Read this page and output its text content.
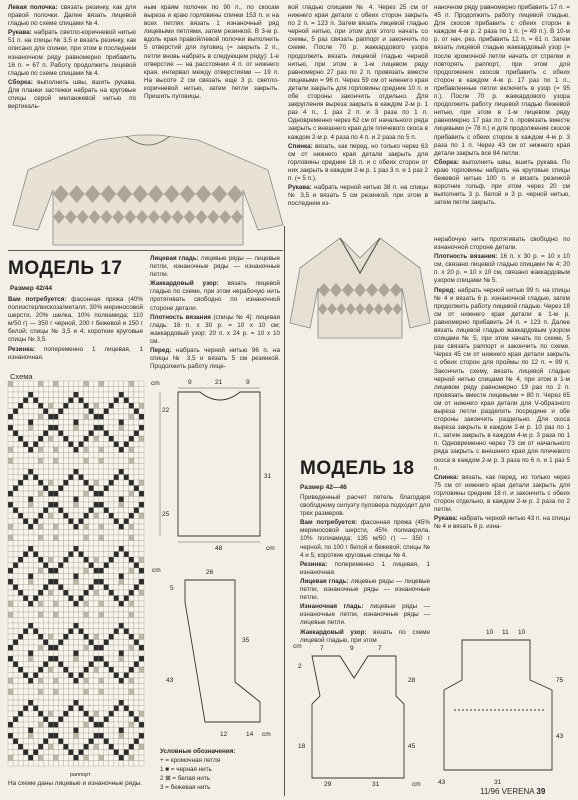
Левая полочка: связать резинку, как для правой полочки. Далее вязать лицевой гладью по схеме спицами № 4.

Рукава: набрать светло-коричневой нитью 51 п. на спицы № 3,5 и вязать резинку, как описано для спинки, при этом в последнем изнаночном ряду равномерно прибавить 16 п. = 67 п. Работу продолжить лицевой гладью по схеме спицами № 4.

Сборка: выполнить швы, вшить рукава. Для планки застежки набрать на круговые спицы серой меланжевой нитью по вертикаль-

ным краям полочек по 90 п., по скосам выреза и краю горловины спинки 153 п. и на всех петлях вязать 1 изнаночный ряд лицевыми петлями, затем резинкой. В 3-м р. вдоль края правой/левой полочки выполнить 5 отверстий для пуговиц (= закрыть 2 п., петли вновь набрать в следующем ряду): 1-е отверстие — на расстоянии 4 п. от нижнего края, интервал между отверстиями — 19 п. На высоте 2 см связать еще 3 р. светло-коричневой нитью, затем петли закрыть. Пришить пуговицы.

вой гладью спицами № 4. Через 25 см от нижнего края детали с обеих сторон закрыть по 2 п. = 123 п. Затем вязать лицевой гладью черной нитью, при этом для этого начать со схемы, 5 раз связать раппорт и закончить по схеме. После 70 р. жаккардового узора продолжить вязать лицевой гладью черной нитью, при этом в 1-м лицевом ряду равномерно 27 раз по 2 п. провязать вместе лицевыми = 96 п. Через 59 см от нижнего края детали закрыть для горловины средние 10 п. и обе стороны закончить отдельно. Для закругления выреза закрыть в каждом 2-м р. 1 раз 4 п., 1 раз 2 п. и 3 раза по 1 п. Одновременно через 62 см от начального ряда закрыть с внешнего края для плечевого скоса в каждом 2-м р. 4 раза по 4 п. и 2 раза по 5 п.

Спинка: вязать, как перед, но только через 63 см от нижнего края детали закрыть для горловины средние 18 п. и с обеих сторон от них закрыть в каждом 2-м р. 1 раз 3 п. и 1 раз 2 п. (= 5 п.).

Рукава: набрать черной нитью 38 п. на спицы № 3,5 и вязать 5 см резинкой, при этом в последнем из-

наночном ряду равномерно прибавить 17 п. = 45 п. Продолжить работу лицевой гладью. Для скосов прибавить с обеих сторон в каждом 4-м р. 2 раза по 1 п. (= 49 п.). В 10-м р. от нач. рез. прибавить 12 п. = 61 п. Затем вязать лицевой гладью жаккардовый узор (= после кромочной петли начать от стрелки и повторять раппорт, при этом для продолжения скосов прибавить с обеих сторон в каждом 4-м р. 17 раз по 1 п., прибавленные петли включить в узор (= 95 п.). После 70 р. жаккардового узора продолжить работу лицевой гладью бежевой нитью, при этом в 1-м лицевом ряду равномерно 17 раз по 2 п. провязать вместе лицевыми (= 78 п.) и для продолжения скосов прибавить с обеих сторон в каждом 4-м р. 3 раза по 1 п. Через 43 см от нижнего края детали закрыть все 84 петли.

Сборка: выполнить швы, вшить рукава. По краю горловины набрать на круговые спицы бежевой нитью 100 п. и вязать резинкой воротник гольф, при этом через 20 см выполнить 3 р. белой и 3 р. черной нитью, затем петли закрыть.

МОДЕЛЬ 17
Размер 42/44

Вам потребуется: фасонная пряжа (40% полиэстер/вискоза/металл, 30% мериносовой шерсти, 20% шелка, 10% полиамида; 110 м/50 г) — 350 г черной, 200 г бежевой и 150 г белой; спицы № 3,5 и 4; короткие круговые спицы № 3,5.

Резинка: попеременно 1 лицевая, 1 изнаночная.

Лицевая гладь: лицевые ряды — лицевые петли, изнаночные ряды — изнаночные петли.

Жаккардовый узор: вязать лицевой гладью по схеме, при этом нерабочую нить протягивать свободно по изнаночной стороне детали.

Плотность вязания (спицы № 4): лицевая гладь: 16 п. x 30 р. = 10 x 10 см; жаккардовый узор: 20 п. x 24 р. = 10 x 10 см.

Перед: набрать черной нитью 96 п. на спицы № 3,5 и вязать 5 см резинкой. Продолжить работу лице-

Схема
раппорт
На схеме даны лицевые и изнаночные ряды.
cm	9	21	9
22
31
25
48	cm
cm	26
5
35
43
12	14 cm

Условные обозначения:

+ = кромочная петля

1 ■ = черная нить

2 ⊠ = белая нить

3 = бежевая нить

МОДЕЛЬ 18
Размер 42—46

Приведенный расчет петель благодаря свободному силуэту пуловера подходит для трех размеров.

Вам потребуется: фасонная пряжа (45% мериносовой шерсти, 45% полиакрила, 10% полиамида; 135 м/50 г) — 350 г черной, по 100 г белой и бежевой; спицы № 4 и 5; короткие круговые спицы № 4.

Резинка: попеременно 1 лицевая, 1 изнаночная.

Лицевая гладь: лицевые ряды — лицевые петли, изнаночные ряды — изнаночные петли.

Изнаночная гладь: лицевые ряды — изнаночные петли, изнаночные ряды — лицевые петли.

Жаккардовый узор: вязать по схеме лицевой гладью, при этом

нерабочую нить протягивать свободно по изнаночной стороне детали.

Плотность вязания: 16 п. x 30 р. = 10 x 10 см, связано лицевой гладью спицами № 4; 20 п. x 20 р. = 10 x 10 см, связано жаккардовым узором спицами № 5.

Перед: набрать черной нитью 99 п. на спицы № 4 и вязать 6 р. изнаночной гладью, затем продолжить работу лицевой гладью. Через 18 см от нижнего края детали в 1-м р. равномерно прибавить 24 п. = 123 п. Далее вязать лицевой гладью жаккардовым узором спицами № 5, при этом начать по схеме, 5 раз связать раппорт и закончить по схеме. Через 45 см от нижнего края детали закрыть с обеих сторон для проймы по 12 п. = 99 п. Закончить схему, вязать лицевой гладью черной нитью спицами № 4, при этом в 1-м лицевом ряду равномерно 19 раз по 2 п. провязать вместе лицевыми = 80 п. Через 65 см от нижнего края детали для V-образного выреза петли разделить посредине и обе стороны закончить раздельно. Для скоса выреза закрыть в каждом 2-м р. 10 раз по 1 п., затем закрыть в каждом 4-м р. 3 раза по 1 п. Одновременно через 73 см от начального ряда закрыть с внешнего края для плечевого скоса в каждом 2-м р. 3 раза по 6 п. и 1 раз 5 п.

Спинка: вязать, как перед, но только через 75 см от нижнего края детали закрыть для горловины средние 18 п. и закончить с обеих сторон отдельно, в каждом 2-м р. 2 раза по 2 петли.

Рукава: набрать черной нитью 43 п. на спицы № 4 и вязать 6 р. изна-

cm	7	9	7
2
28
45
18
29	31	cm
10 11 10
75
43
31
43
11/96 VERENA 39
